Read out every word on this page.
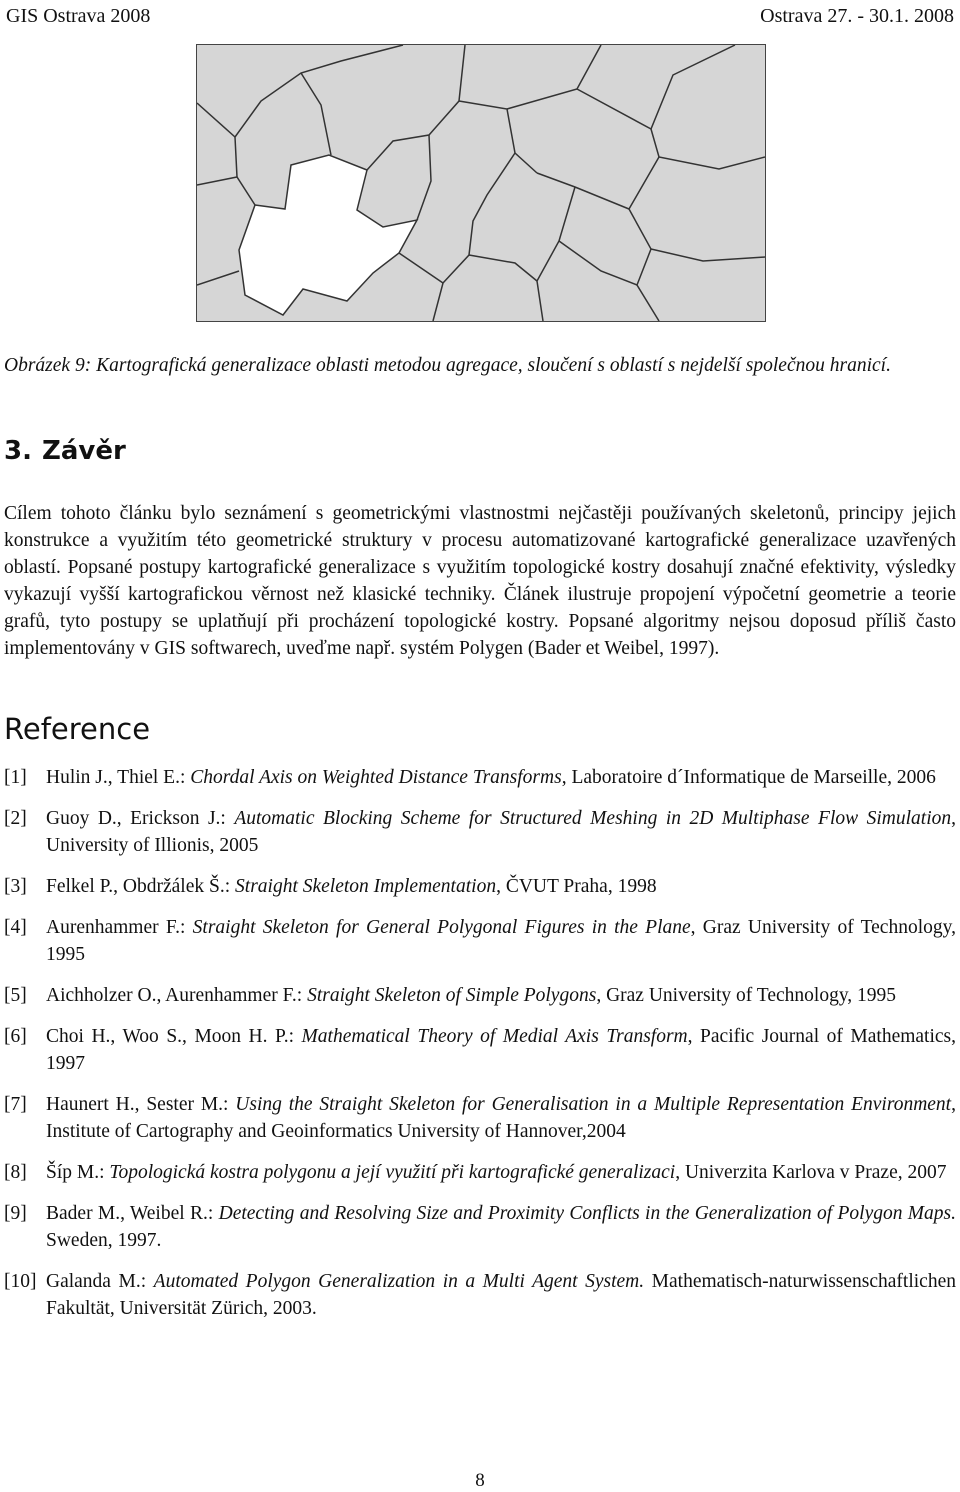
GIS Ostrava 2008	Ostrava 27. - 30.1. 2008

Obrázek 9: Kartografická generalizace oblasti metodou agregace, sloučení s oblastí s nejdelší společnou hranicí.

3. Závěr

Cílem tohoto článku bylo seznámení s geometrickými vlastnostmi nejčastěji používaných skeletonů, principy jejich konstrukce a využitím této geometrické struktury v procesu automatizované kartografické generalizace uzavřených oblastí. Popsané postupy kartografické generalizace s využitím topologické kostry dosahují značné efektivity, výsledky vykazují vyšší kartografickou věrnost než klasické techniky. Článek ilustruje propojení výpočetní geometrie a teorie grafů, tyto postupy se uplatňují při procházení topologické kostry. Popsané algoritmy nejsou doposud příliš často implementovány v GIS softwarech, uveďme např. systém Polygen (Bader et Weibel, 1997).

Reference
[1] Hulin J., Thiel E.: Chordal Axis on Weighted Distance Transforms, Laboratoire d´Informatique de Marseille, 2006
[2] Guoy D., Erickson J.: Automatic Blocking Scheme for Structured Meshing in 2D Multiphase Flow Simulation, University of Illionis, 2005
[3] Felkel P., Obdržálek Š.: Straight Skeleton Implementation, ČVUT Praha, 1998
[4] Aurenhammer F.: Straight Skeleton for General Polygonal Figures in the Plane, Graz University of Technology, 1995
[5] Aichholzer O., Aurenhammer F.: Straight Skeleton of Simple Polygons, Graz University of Technology, 1995
[6] Choi H., Woo S., Moon H. P.: Mathematical Theory of Medial Axis Transform, Pacific Journal of Mathematics, 1997
[7] Haunert H., Sester M.: Using the Straight Skeleton for Generalisation in a Multiple Representation Environment, Institute of Cartography and Geoinformatics University of Hannover,2004
[8] Šíp M.: Topologická kostra polygonu a její využití při kartografické generalizaci, Univerzita Karlova v Praze, 2007
[9] Bader M., Weibel R.: Detecting and Resolving Size and Proximity Conflicts in the Generalization of Polygon Maps. Sweden, 1997.
[10] Galanda M.: Automated Polygon Generalization in a Multi Agent System. Mathematisch-naturwissenschaftlichen Fakultät, Universität Zürich, 2003.
8
